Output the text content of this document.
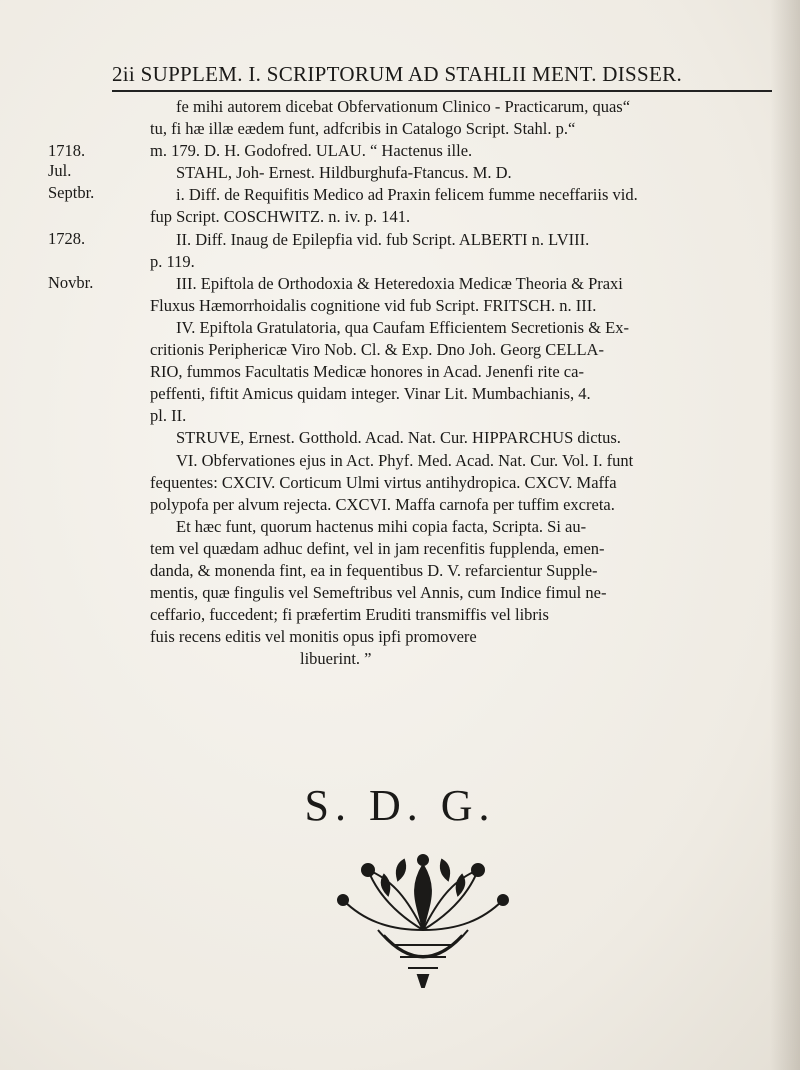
2ii SUPPLEM. I. SCRIPTORUM AD STAHLII MENT. DISSER.
1718.
Jul.
Septbr.
1728.
Novbr.

fe mihi autorem dicebat Obfervationum Clinico - Practicarum, quas“

tu, fi hæ illæ eædem funt, adfcribis in Catalogo Script. Stahl. p.“

m. 179. D. H. Godofred. ULAU. “ Hactenus ille.

STAHL, Joh- Ernest. Hildburghufa-Ftancus. M. D.

i. Diff. de Requifitis Medico ad Praxin felicem fumme neceffariis vid.

fup Script. COSCHWITZ. n. iv. p. 141.

II. Diff. Inaug de Epilepfia vid. fub Script. ALBERTI n. LVIII.

p. 119.

III. Epiftola de Orthodoxia & Heteredoxia Medicæ Theoria & Praxi

Fluxus Hæmorrhoidalis cognitione vid fub Script. FRITSCH. n. III.

IV. Epiftola Gratulatoria, qua Caufam Efficientem Secretionis & Ex-

critionis Periphericæ Viro Nob. Cl. & Exp. Dno Joh. Georg CELLA-

RIO, fummos Facultatis Medicæ honores in Acad. Jenenfi rite ca-

peffenti, fiftit Amicus quidam integer. Vinar Lit. Mumbachianis, 4.

pl. II.

STRUVE, Ernest. Gotthold. Acad. Nat. Cur. HIPPARCHUS dictus.

VI. Obfervationes ejus in Act. Phyf. Med. Acad. Nat. Cur. Vol. I. funt

fequentes: CXCIV. Corticum Ulmi virtus antihydropica. CXCV. Maffa

polypofa per alvum rejecta. CXCVI. Maffa carnofa per tuffim excreta.

Et hæc funt, quorum hactenus mihi copia facta, Scripta. Si au-

tem vel quædam adhuc defint, vel in jam recenfitis fupplenda, emen-

danda, & monenda fint, ea in fequentibus D. V. refarcientur Supple-

mentis, quæ fingulis vel Semeftribus vel Annis, cum Indice fimul ne-

ceffario, fuccedent; fi præfertim Eruditi transmiffis vel libris

fuis recens editis vel monitis opus ipfi promovere

libuerint. ”

S. D. G.
